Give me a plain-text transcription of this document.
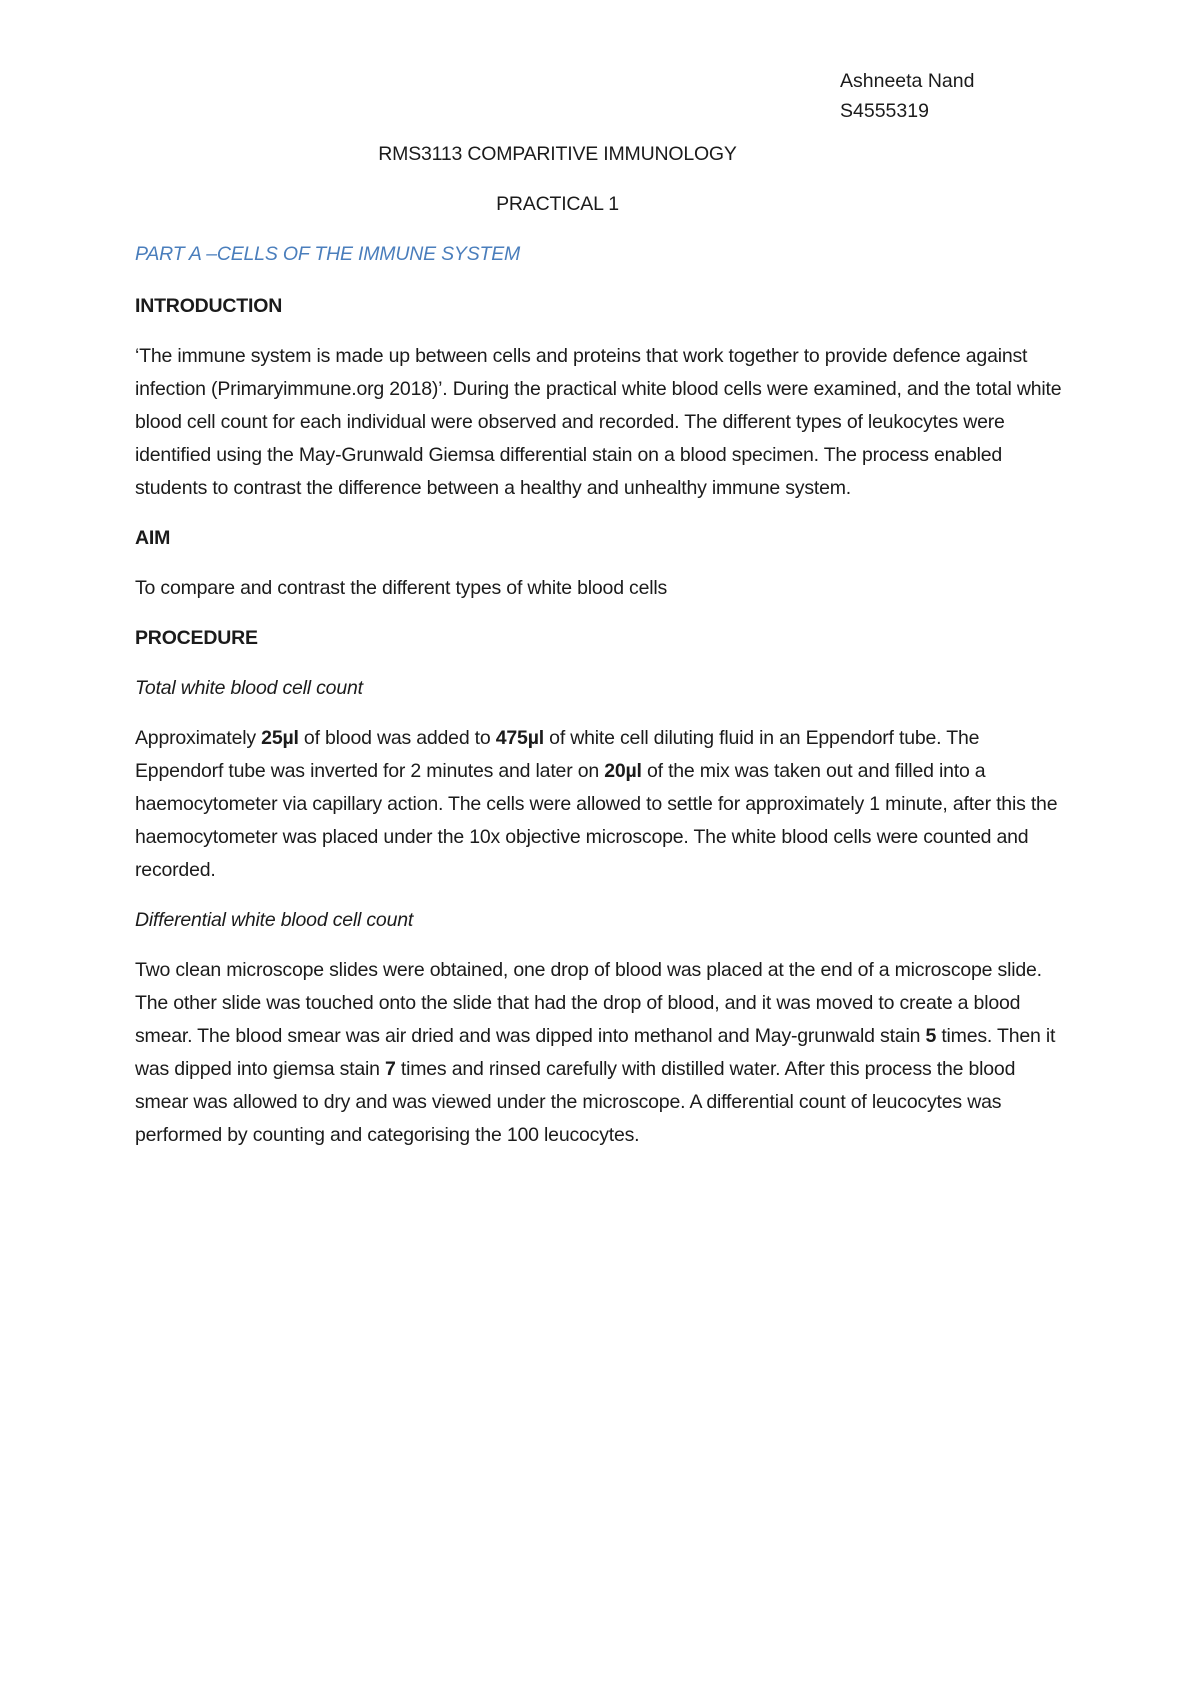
Ashneeta Nand
S4555319
RMS3113 COMPARITIVE IMMUNOLOGY
PRACTICAL 1
PART A –CELLS OF THE IMMUNE SYSTEM
INTRODUCTION
‘The immune system is made up between cells and proteins that work together to provide defence against infection (Primaryimmune.org 2018)’. During the practical white blood cells were examined, and the total white blood cell count for each individual were observed and recorded. The different types of leukocytes were identified using the May-Grunwald Giemsa differential stain on a blood specimen. The process enabled students to contrast the difference between a healthy and unhealthy immune system.
AIM
To compare and contrast the different types of white blood cells
PROCEDURE
Total white blood cell count
Approximately 25µl of blood was added to 475µl of white cell diluting fluid in an Eppendorf tube. The Eppendorf tube was inverted for 2 minutes and later on 20µl of the mix was taken out and filled into a haemocytometer via capillary action. The cells were allowed to settle for approximately 1 minute, after this the haemocytometer was placed under the 10x objective microscope. The white blood cells were counted and recorded.
Differential white blood cell count
Two clean microscope slides were obtained, one drop of blood was placed at the end of a microscope slide. The other slide was touched onto the slide that had the drop of blood, and it was moved to create a blood smear. The blood smear was air dried and was dipped into methanol and May-grunwald stain 5 times. Then it was dipped into giemsa stain 7 times and rinsed carefully with distilled water. After this process the blood smear was allowed to dry and was viewed under the microscope. A differential count of leucocytes was performed by counting and categorising the 100 leucocytes.
